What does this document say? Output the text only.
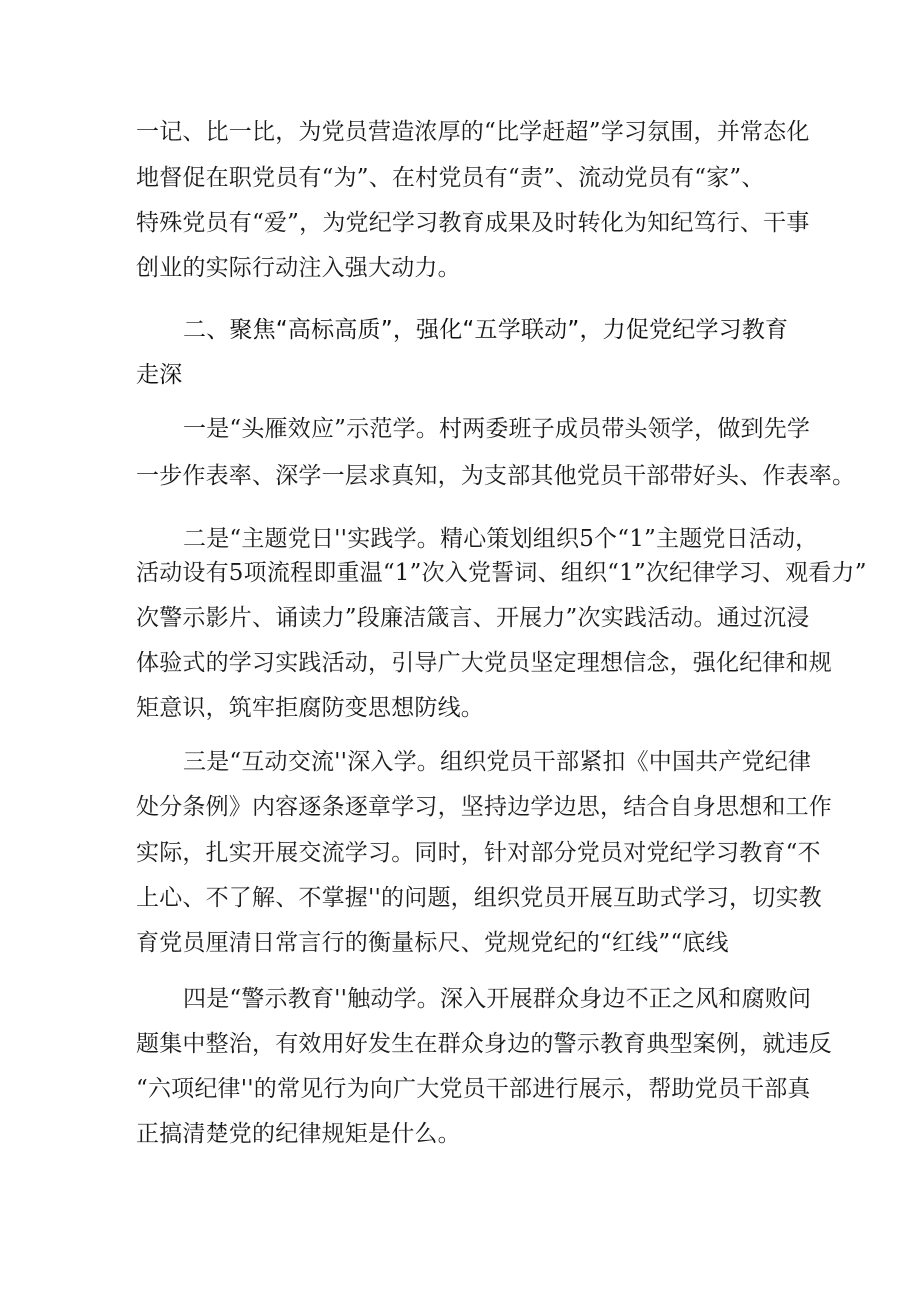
一记、比一比，为党员营造浓厚的“比学赶超”学习氛围，并常态化

地督促在职党员有“为”、在村党员有“责”、流动党员有“家”、

特殊党员有“爱”，为党纪学习教育成果及时转化为知纪笃行、干事

创业的实际行动注入强大动力。

二、聚焦“高标高质”，强化“五学联动”，力促党纪学习教育

走深

一是“头雁效应”示范学。村两委班子成员带头领学，做到先学

一步作表率、深学一层求真知，为支部其他党员干部带好头、作表率。

二是“主题党日''实践学。精心策划组织5个“1”主题党日活动，

活动设有5项流程即重温“1”次入党誓词、组织“1”次纪律学习、观看力”

次警示影片、诵读力”段廉洁箴言、开展力”次实践活动。通过沉浸

体验式的学习实践活动，引导广大党员坚定理想信念，强化纪律和规

矩意识，筑牢拒腐防变思想防线。

三是“互动交流''深入学。组织党员干部紧扣《中国共产党纪律

处分条例》内容逐条逐章学习，坚持边学边思，结合自身思想和工作

实际，扎实开展交流学习。同时，针对部分党员对党纪学习教育“不

上心、不了解、不掌握''的问题，组织党员开展互助式学习，切实教

育党员厘清日常言行的衡量标尺、党规党纪的“红线”“底线

四是“警示教育''触动学。深入开展群众身边不正之风和腐败问

题集中整治，有效用好发生在群众身边的警示教育典型案例，就违反

“六项纪律''的常见行为向广大党员干部进行展示，帮助党员干部真

正搞清楚党的纪律规矩是什么。
